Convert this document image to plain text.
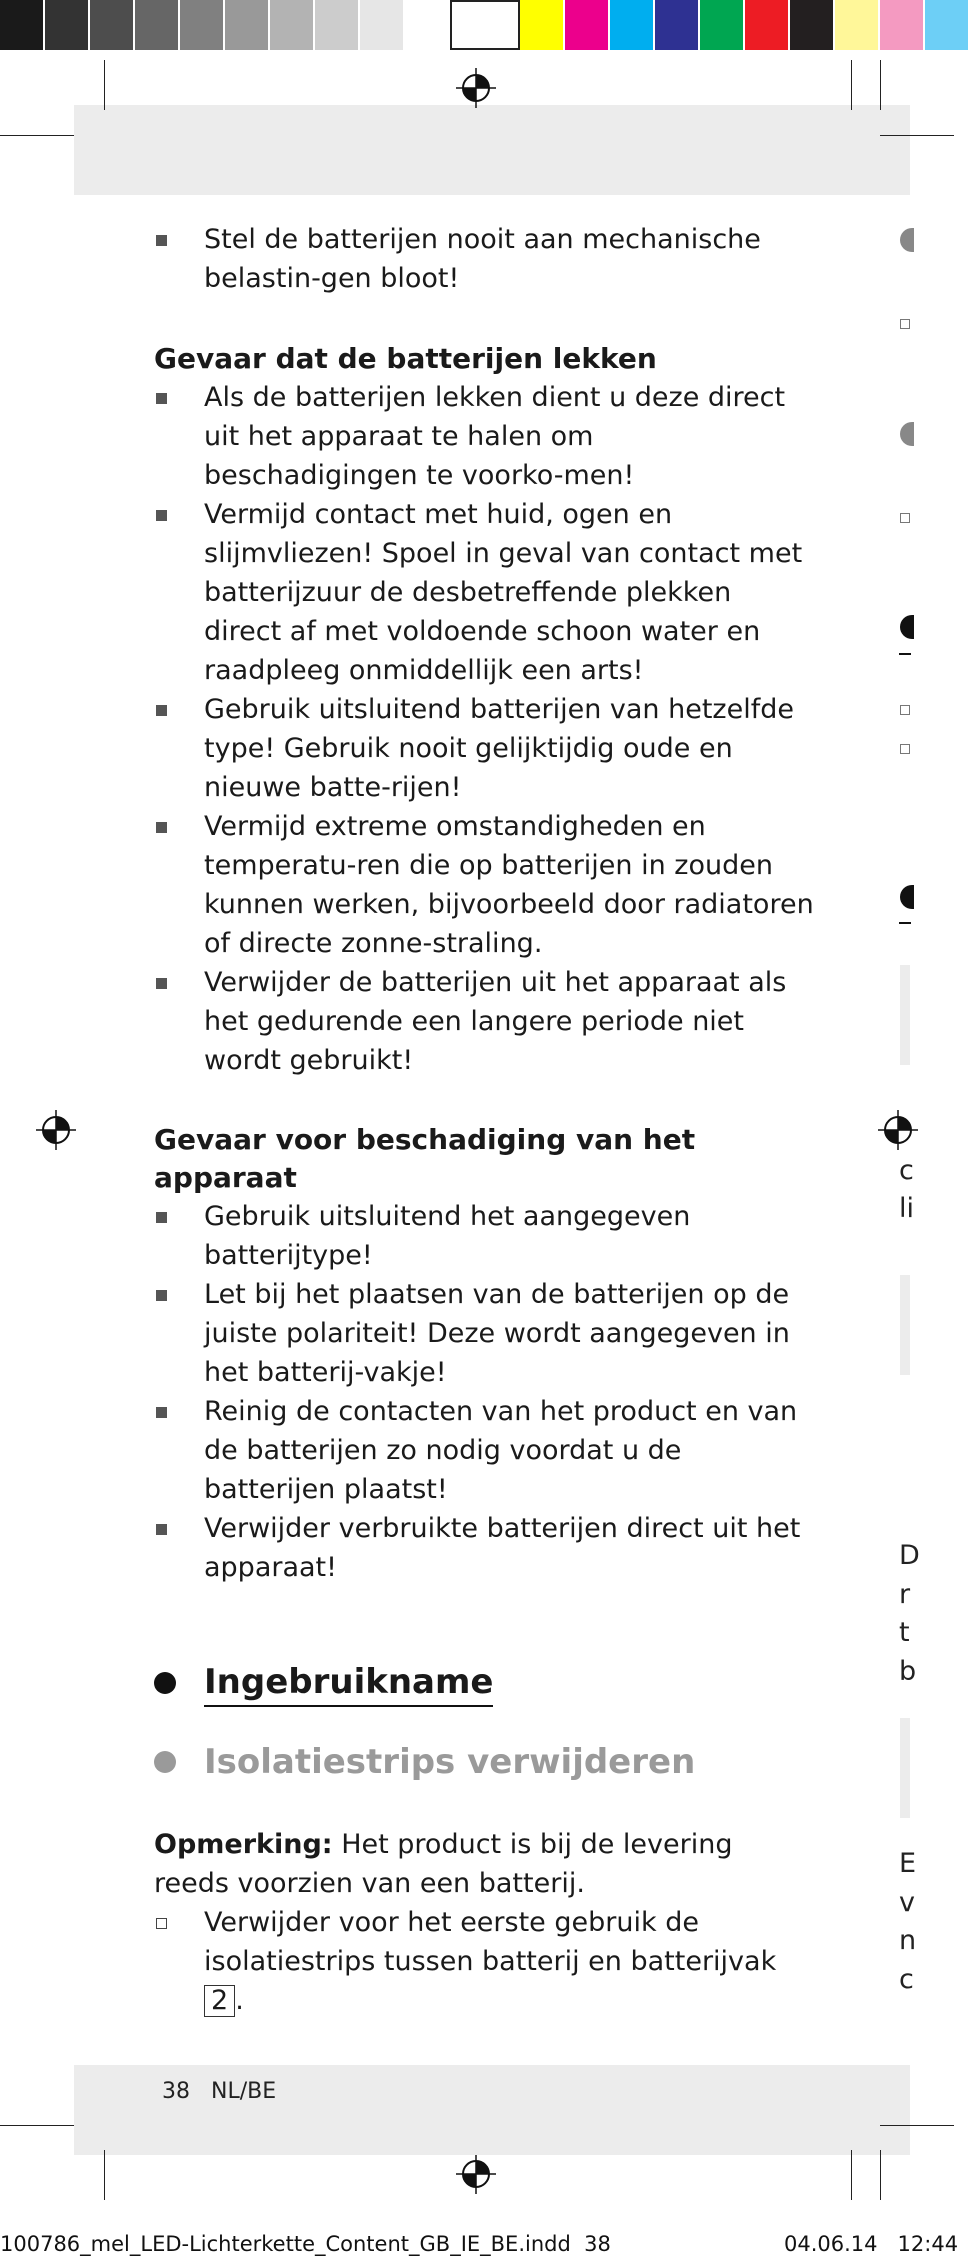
Stel de batterijen nooit aan mechanische belastin-gen bloot!
Gevaar dat de batterijen lekken
Als de batterijen lekken dient u deze direct uit het apparaat te halen om beschadigingen te voorko-men!
Vermijd contact met huid, ogen en slijmvliezen! Spoel in geval van contact met batterijzuur de desbetreffende plekken direct af met voldoende schoon water en raadpleeg onmiddellijk een arts!
Gebruik uitsluitend batterijen van hetzelfde type! Gebruik nooit gelijktijdig oude en nieuwe batte-rijen!
Vermijd extreme omstandigheden en temperatu-ren die op batterijen in zouden kunnen werken, bijvoorbeeld door radiatoren of directe zonne-straling.
Verwijder de batterijen uit het apparaat als het gedurende een langere periode niet wordt gebruikt!
Gevaar voor beschadiging van het apparaat
Gebruik uitsluitend het aangegeven batterijtype!
Let bij het plaatsen van de batterijen op de juiste polariteit! Deze wordt aangegeven in het batterij-vakje!
Reinig de contacten van het product en van de batterijen zo nodig voordat u de batterijen plaatst!
Verwijder verbruikte batterijen direct uit het apparaat!
Ingebruikname
Isolatiestrips verwijderen

Opmerking: Het product is bij de levering reeds voorzien van een batterij.

Verwijder voor het eerste gebruik de isolatiestrips tussen batterij en batterijvak 2 .
c
li
D
r
t
b
E
v
n
c
38 NL/BE
100786_mel_LED-Lichterkette_Content_GB_IE_BE.indd 38	04.06.14 12:44
